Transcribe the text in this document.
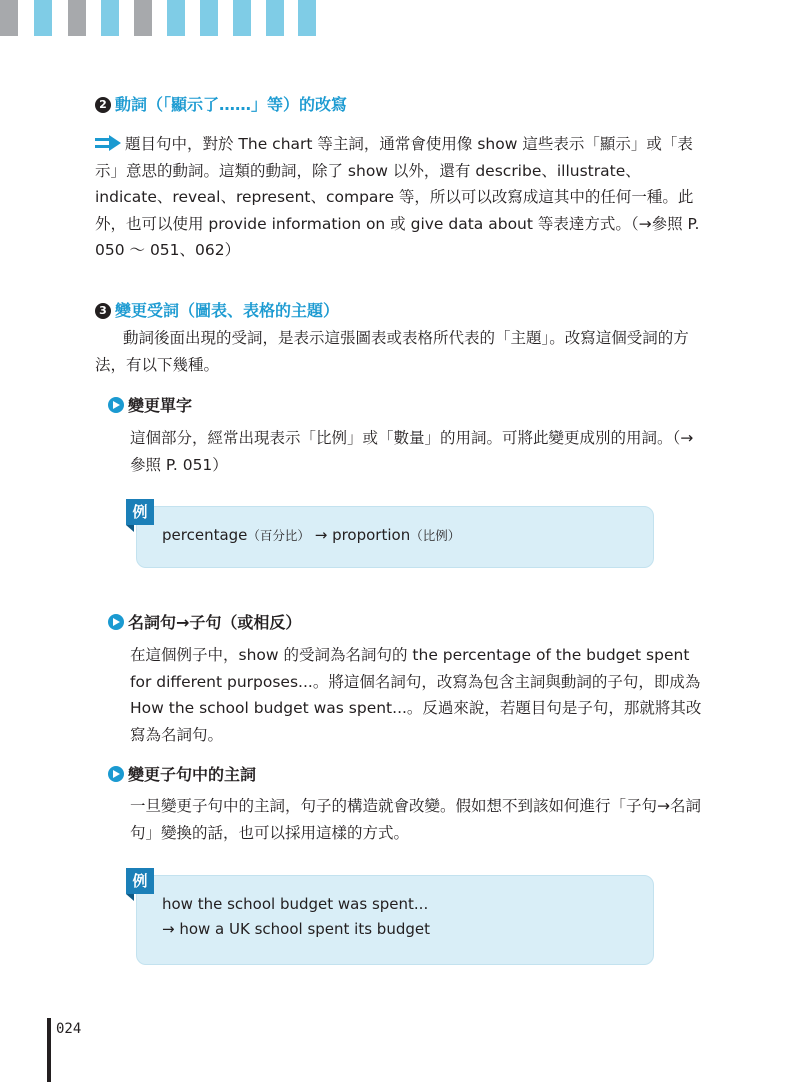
2 動詞（「顯示了……」等）的改寫
題目句中，對於 The chart 等主詞，通常會使用像 show 這些表示「顯示」或「表示」意思的動詞。這類的動詞，除了 show 以外，還有 describe、illustrate、indicate、reveal、represent、compare 等，所以可以改寫成這其中的任何一種。此外，也可以使用 provide information on 或 give data about 等表達方式。（→參照 P. 050 ～ 051、062）
3 變更受詞（圖表、表格的主題）
動詞後面出現的受詞，是表示這張圖表或表格所代表的「主題」。改寫這個受詞的方法，有以下幾種。
變更單字
這個部分，經常出現表示「比例」或「數量」的用詞。可將此變更成別的用詞。（→參照 P. 051）
例
percentage（百分比） → proportion（比例）
名詞句→子句（或相反）
在這個例子中，show 的受詞為名詞句的 the percentage of the budget spent for different purposes...。將這個名詞句，改寫為包含主詞與動詞的子句，即成為 How the school budget was spent...。反過來說，若題目句是子句，那就將其改寫為名詞句。
變更子句中的主詞
一旦變更子句中的主詞，句子的構造就會改變。假如想不到該如何進行「子句→名詞句」變換的話，也可以採用這樣的方式。
例
how the school budget was spent...
→ how a UK school spent its budget
024
